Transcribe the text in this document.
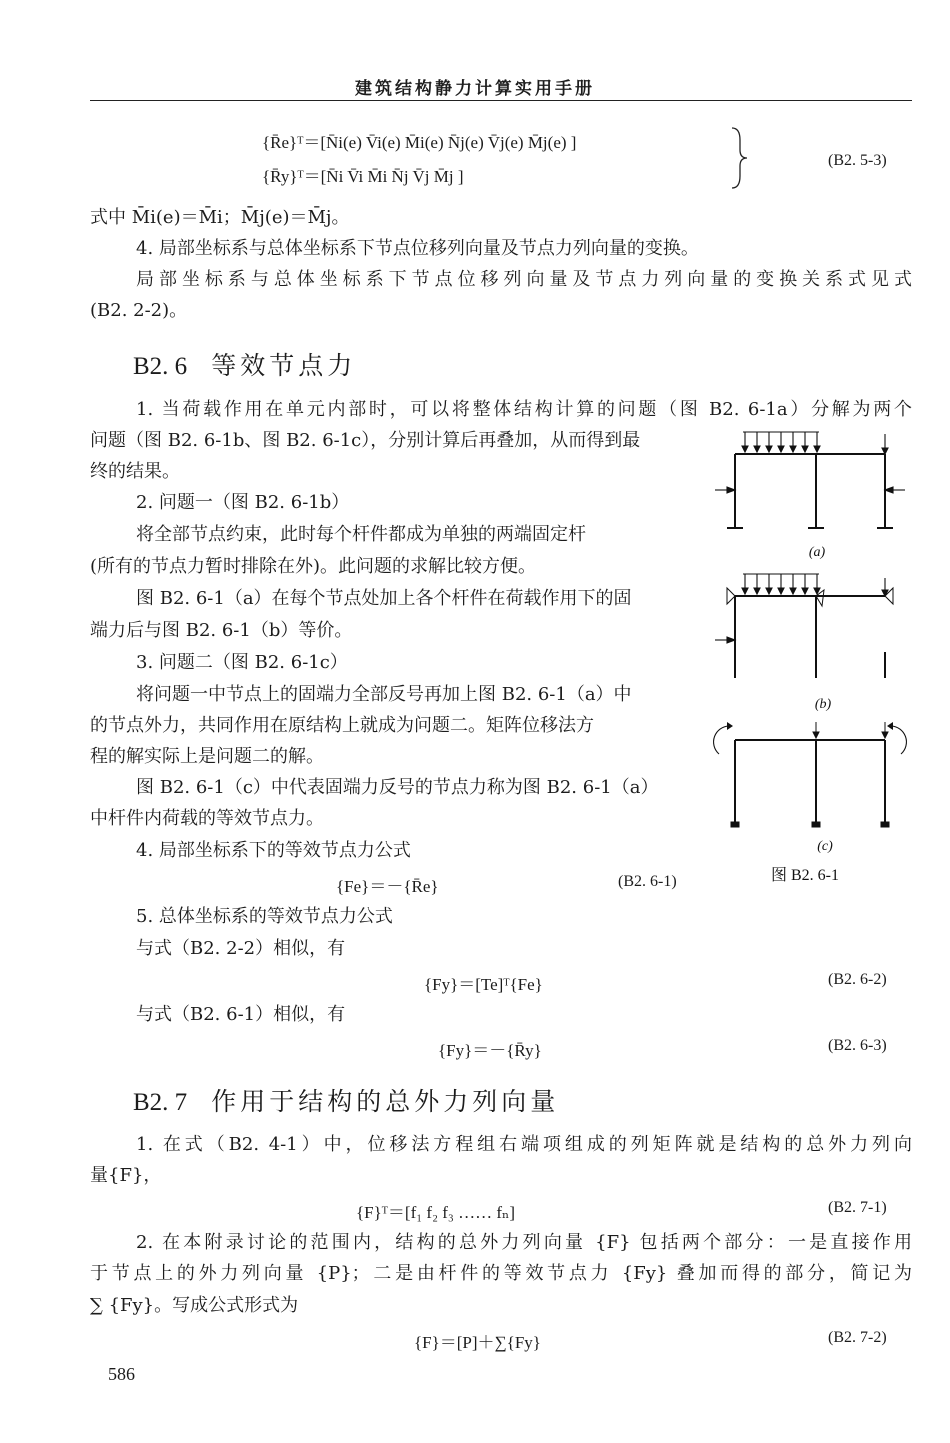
建筑结构静力计算实用手册
{R̄e}ᵀ＝[N̄i(e) V̄i(e) M̄i(e) N̄j(e) V̄j(e) M̄j(e) ]
{R̄y}ᵀ＝[N̄i V̄i M̄i N̄j V̄j M̄j ]
(B2. 5-3)
式中 M̄i(e)＝M̄i；M̄j(e)＝M̄j。
4. 局部坐标系与总体坐标系下节点位移列向量及节点力列向量的变换。
局部坐标系与总体坐标系下节点位移列向量及节点力列向量的变换关系式见式
(B2. 2-2)。
B2. 6 等效节点力
1. 当荷载作用在单元内部时，可以将整体结构计算的问题（图 B2. 6-1a）分解为两个
问题（图 B2. 6-1b、图 B2. 6-1c），分别计算后再叠加，从而得到最
终的结果。
2. 问题一（图 B2. 6-1b）
将全部节点约束，此时每个杆件都成为单独的两端固定杆
(所有的节点力暂时排除在外)。此问题的求解比较方便。
图 B2. 6-1（a）在每个节点处加上各个杆件在荷载作用下的固
端力后与图 B2. 6-1（b）等价。
3. 问题二（图 B2. 6-1c）
将问题一中节点上的固端力全部反号再加上图 B2. 6-1（a）中
的节点外力，共同作用在原结构上就成为问题二。矩阵位移法方
程的解实际上是问题二的解。
图 B2. 6-1（c）中代表固端力反号的节点力称为图 B2. 6-1（a）
中杆件内荷载的等效节点力。
4. 局部坐标系下的等效节点力公式
{Fe}＝－{R̄e}	(B2. 6-1)
5. 总体坐标系的等效节点力公式
与式（B2. 2-2）相似，有
{Fy}＝[Te]ᵀ{Fe}	(B2. 6-2)
与式（B2. 6-1）相似，有
{Fy}＝－{R̄y}	(B2. 6-3)
(a)
(b)
(c)
图 B2. 6-1
B2. 7 作用于结构的总外力列向量
1. 在式（B2. 4-1）中，位移法方程组右端项组成的列矩阵就是结构的总外力列向
量{F}，
{F}ᵀ＝[f₁ f₂ f₃ …… fₙ]	(B2. 7-1)
2. 在本附录讨论的范围内，结构的总外力列向量 {F} 包括两个部分：一是直接作用
于节点上的外力列向量 {P}；二是由杆件的等效节点力 {Fy} 叠加而得的部分，简记为
∑ {Fy}。写成公式形式为
{F}＝[P]＋∑{Fy}	(B2. 7-2)
586
